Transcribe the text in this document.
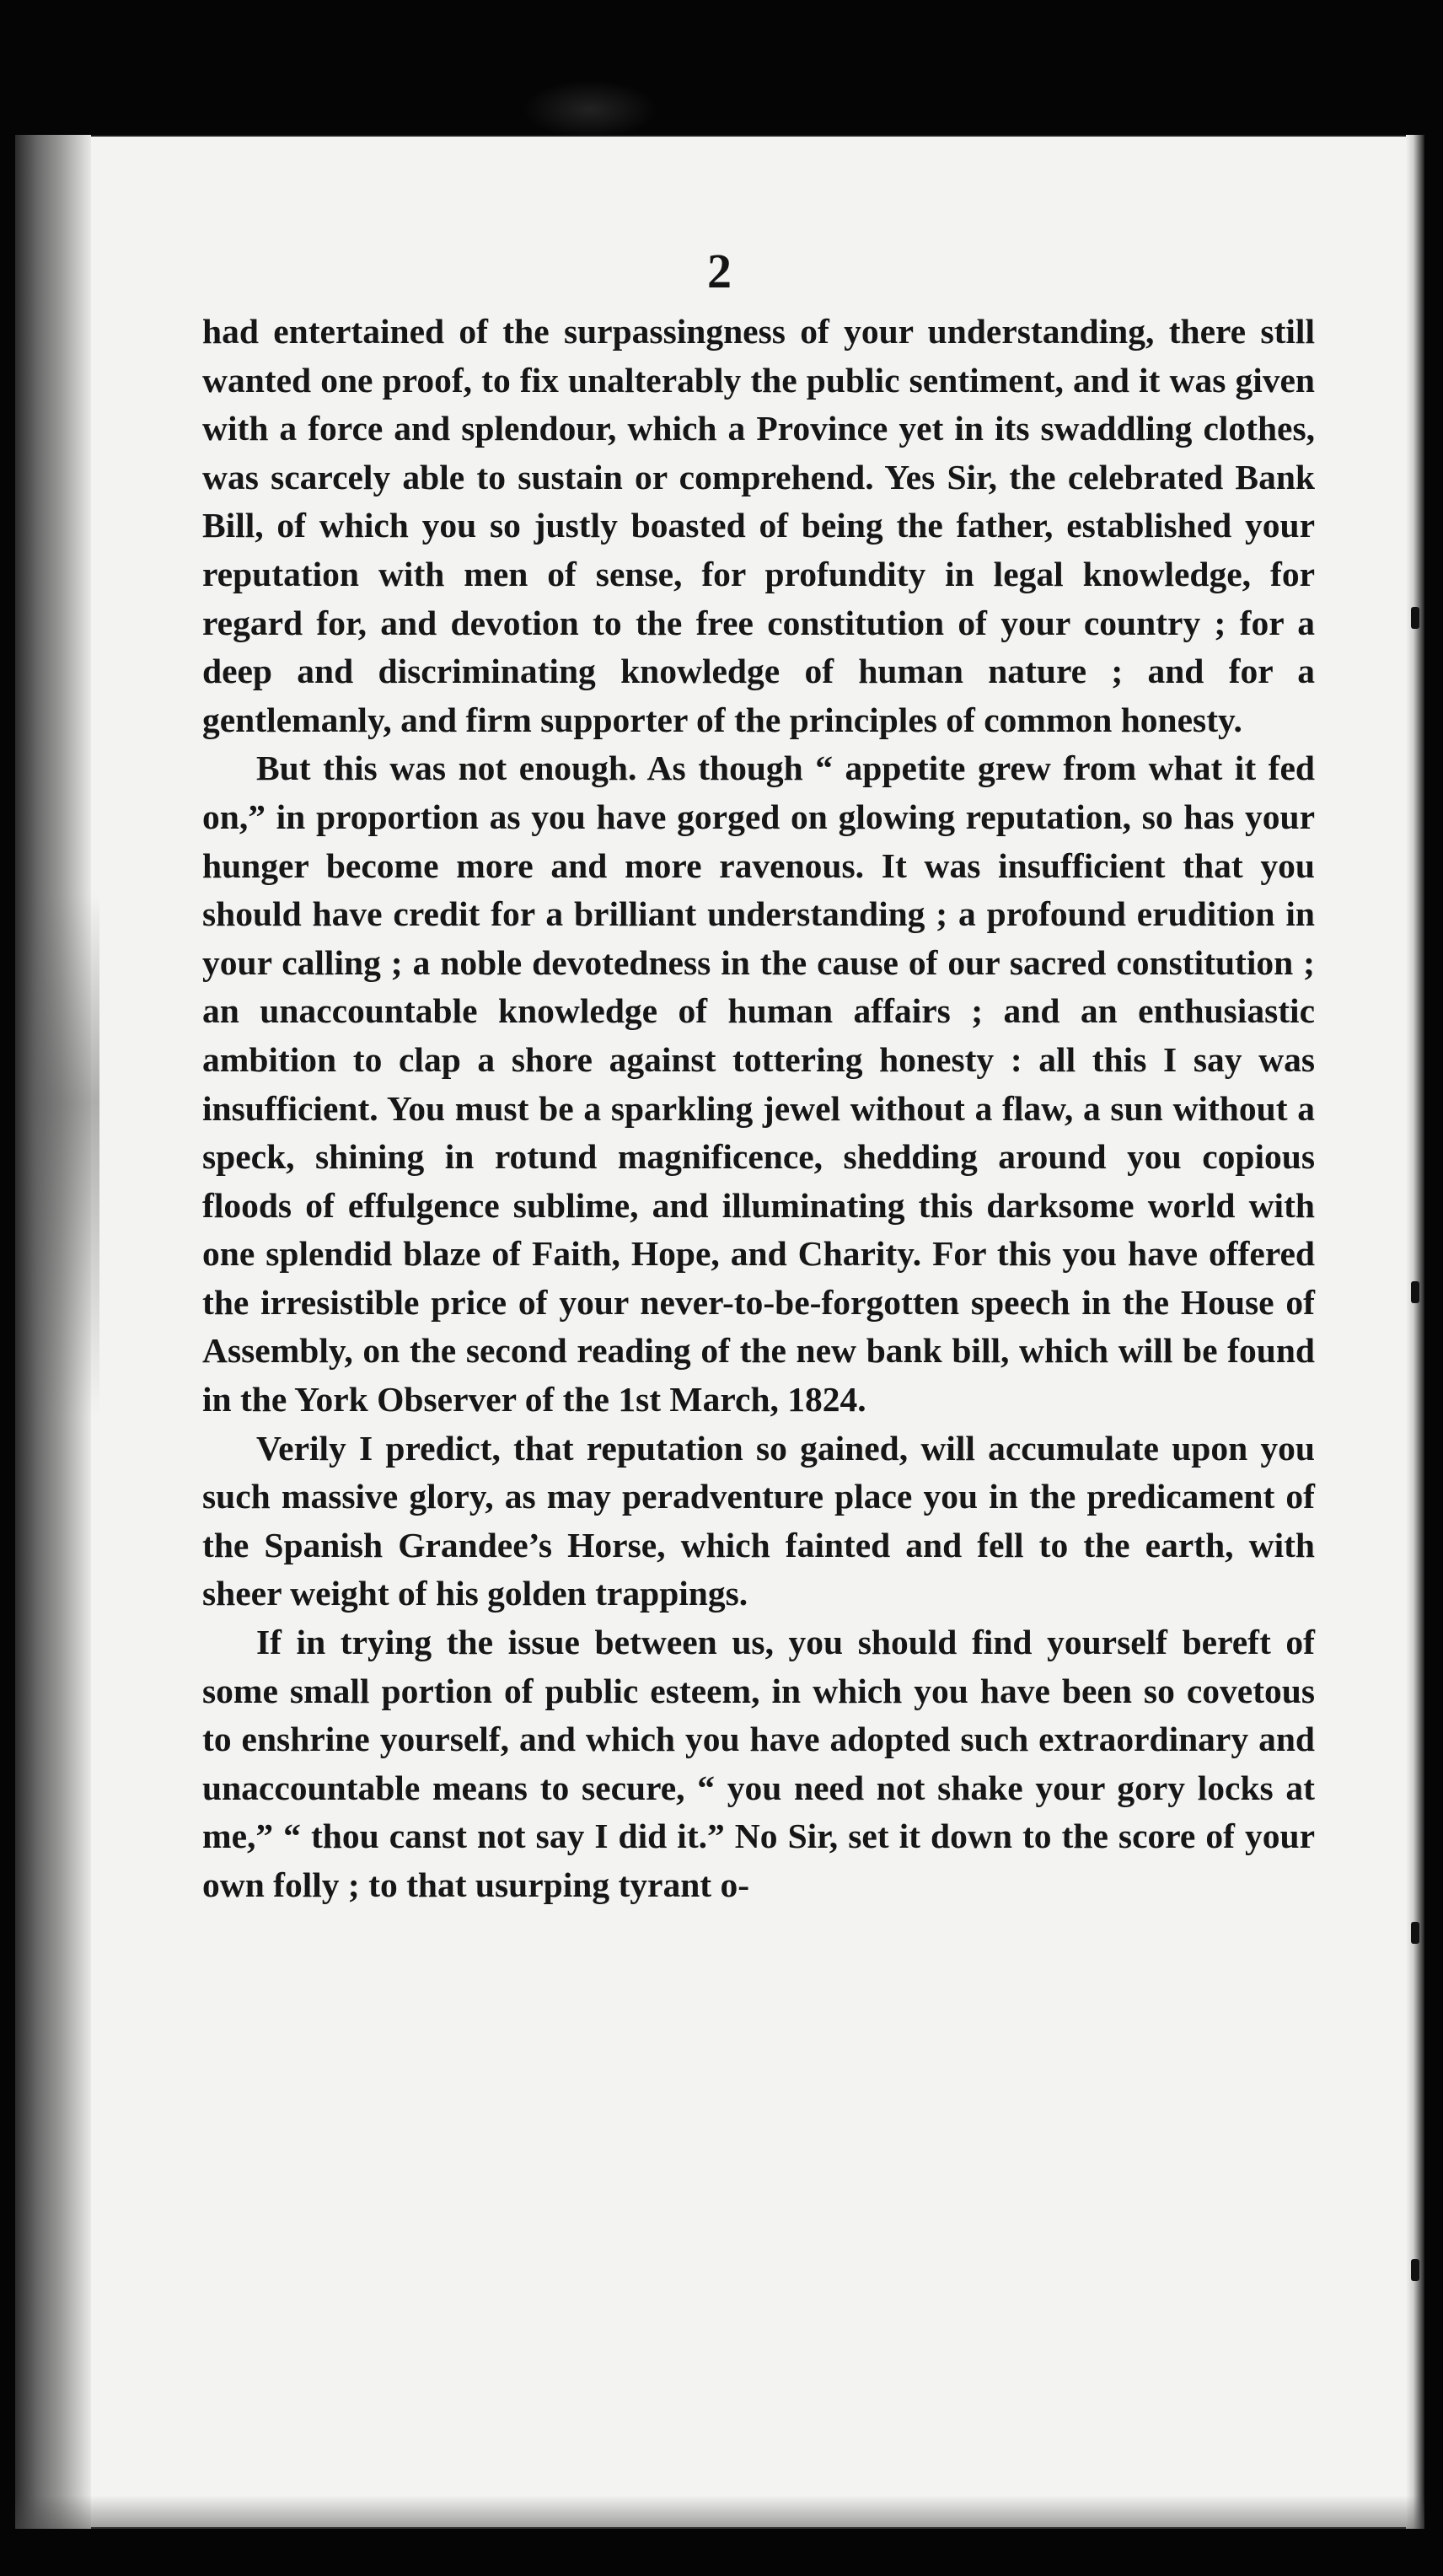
2

had entertained of the surpassingness of your understanding, there still wanted one proof, to fix unalterably the public sentiment, and it was given with a force and splendour, which a Province yet in its swaddling clothes, was scarcely able to sustain or comprehend. Yes Sir, the celebrated Bank Bill, of which you so justly boasted of being the father, established your reputation with men of sense, for profundity in legal knowledge, for regard for, and devotion to the free constitution of your country ; for a deep and discriminating knowledge of human nature ; and for a gentlemanly, and firm supporter of the principles of common honesty.

But this was not enough. As though “ appetite grew from what it fed on,” in proportion as you have gorged on glowing reputation, so has your hunger become more and more ravenous. It was insufficient that you should have credit for a brilliant understanding ; a profound erudition in your calling ; a noble devotedness in the cause of our sacred constitution ; an unaccountable knowledge of human affairs ; and an enthusiastic ambition to clap a shore against tottering honesty : all this I say was insufficient. You must be a sparkling jewel without a flaw, a sun without a speck, shining in rotund magnificence, shedding around you copious floods of effulgence sublime, and illuminating this darksome world with one splendid blaze of Faith, Hope, and Charity. For this you have offered the irresistible price of your never-to-be-forgotten speech in the House of Assembly, on the second reading of the new bank bill, which will be found in the York Observer of the 1st March, 1824.

Verily I predict, that reputation so gained, will accumulate upon you such massive glory, as may peradventure place you in the predicament of the Spanish Grandee’s Horse, which fainted and fell to the earth, with sheer weight of his golden trappings.

If in trying the issue between us, you should find yourself bereft of some small portion of public esteem, in which you have been so covetous to enshrine yourself, and which you have adopted such extraordinary and unaccountable means to secure, “ you need not shake your gory locks at me,” “ thou canst not say I did it.” No Sir, set it down to the score of your own folly ; to that usurping tyrant o-
